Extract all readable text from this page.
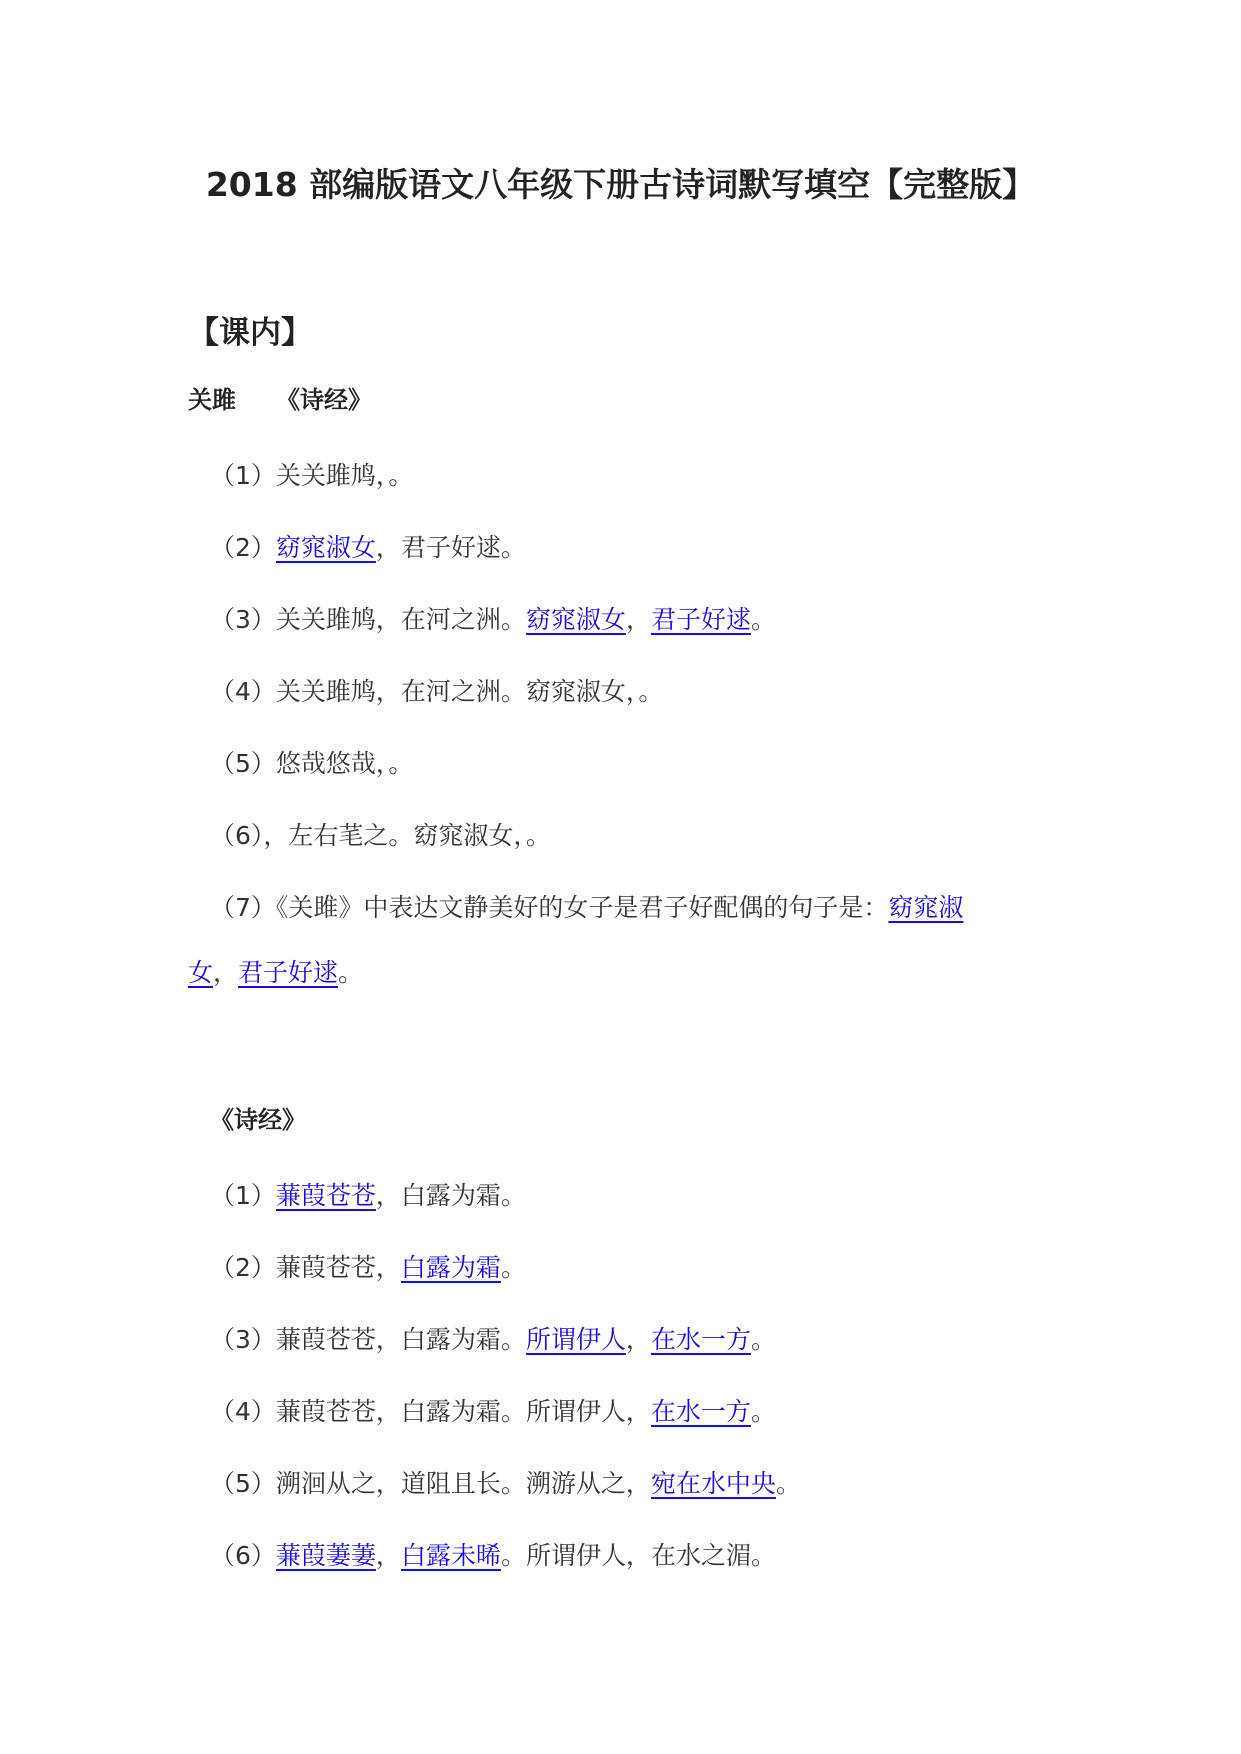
2018 部编版语文八年级下册古诗词默写填空【完整版】
【课内】
关雎 《诗经》
（1）关关雎鸠，。
（2）窈窕淑女，君子好逑。
（3）关关雎鸠，在河之洲。窈窕淑女，君子好逑。
（4）关关雎鸠，在河之洲。窈窕淑女，。
（5）悠哉悠哉，。
（6），左右芼之。窈窕淑女，。
（7）《关雎》中表达文静美好的女子是君子好配偶的句子是：窈窕淑
女，君子好逑。
《诗经》
（1）蒹葭苍苍，白露为霜。
（2）蒹葭苍苍，白露为霜。
（3）蒹葭苍苍，白露为霜。所谓伊人，在水一方。
（4）蒹葭苍苍，白露为霜。所谓伊人，在水一方。
（5）溯洄从之，道阻且长。溯游从之，宛在水中央。
（6）蒹葭萋萋，白露未晞。所谓伊人，在水之湄。
